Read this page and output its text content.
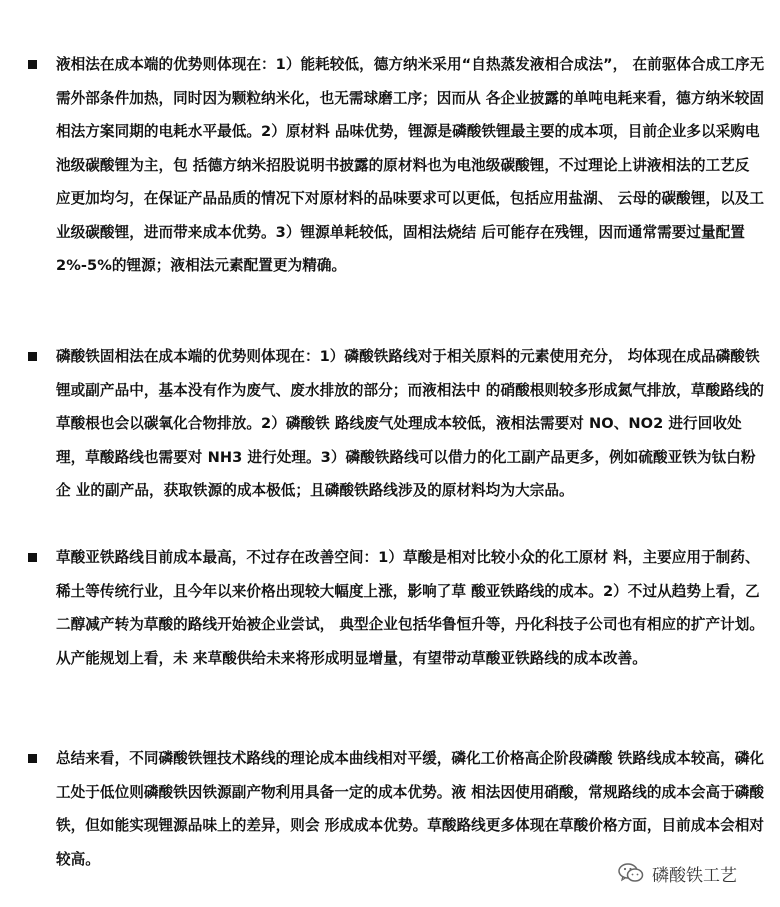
液相法在成本端的优势则体现在：1）能耗较低，德方纳米采用“自热蒸发液相合成法”， 在前驱体合成工序无需外部条件加热，同时因为颗粒纳米化，也无需球磨工序；因而从 各企业披露的单吨电耗来看，德方纳米较固相法方案同期的电耗水平最低。2）原材料 品味优势，锂源是磷酸铁锂最主要的成本项，目前企业多以采购电池级碳酸锂为主，包 括德方纳米招股说明书披露的原材料也为电池级碳酸锂，不过理论上讲液相法的工艺反 应更加均匀，在保证产品品质的情况下对原材料的品味要求可以更低，包括应用盐湖、 云母的碳酸锂，以及工业级碳酸锂，进而带来成本优势。3）锂源单耗较低，固相法烧结 后可能存在残锂，因而通常需要过量配置 2%-5%的锂源；液相法元素配置更为精确。
磷酸铁固相法在成本端的优势则体现在：1）磷酸铁路线对于相关原料的元素使用充分， 均体现在成品磷酸铁锂或副产品中，基本没有作为废气、废水排放的部分；而液相法中 的硝酸根则较多形成氮气排放，草酸路线的草酸根也会以碳氧化合物排放。2）磷酸铁 路线废气处理成本较低，液相法需要对 NO、NO2 进行回收处理，草酸路线也需要对 NH3 进行处理。3）磷酸铁路线可以借力的化工副产品更多，例如硫酸亚铁为钛白粉企 业的副产品，获取铁源的成本极低；且磷酸铁路线涉及的原材料均为大宗品。
草酸亚铁路线目前成本最高，不过存在改善空间：1）草酸是相对比较小众的化工原材 料，主要应用于制药、稀土等传统行业，且今年以来价格出现较大幅度上涨，影响了草 酸亚铁路线的成本。2）不过从趋势上看，乙二醇减产转为草酸的路线开始被企业尝试， 典型企业包括华鲁恒升等，丹化科技子公司也有相应的扩产计划。从产能规划上看，未 来草酸供给未来将形成明显增量，有望带动草酸亚铁路线的成本改善。
总结来看，不同磷酸铁锂技术路线的理论成本曲线相对平缓，磷化工价格高企阶段磷酸 铁路线成本较高，磷化工处于低位则磷酸铁因铁源副产物利用具备一定的成本优势。液 相法因使用硝酸，常规路线的成本会高于磷酸铁，但如能实现锂源品味上的差异，则会 形成成本优势。草酸路线更多体现在草酸价格方面，目前成本会相对较高。
磷酸铁工艺
